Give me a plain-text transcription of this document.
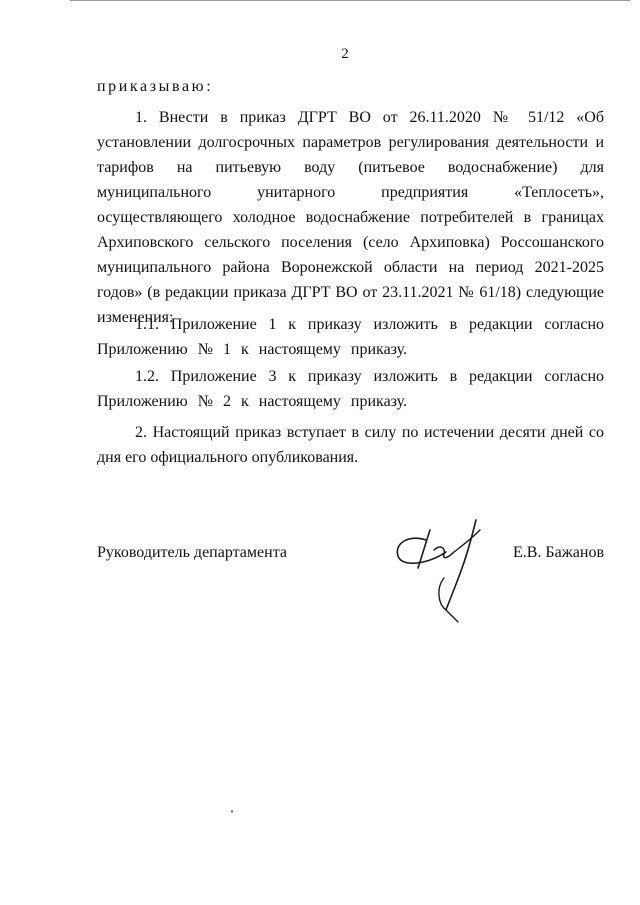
2
приказываю:

1. Внести в приказ ДГРТ ВО от 26.11.2020 № 51/12 «Об установлении долгосрочных параметров регулирования деятельности и тарифов на питьевую воду (питьевое водоснабжение) для муниципального унитарного предприятия «Теплосеть», осуществляющего холодное водоснабжение потребителей в границах Архиповского сельского поселения (село Архиповка) Россошанского муниципального района Воронежской области на период 2021-2025 годов» (в редакции приказа ДГРТ ВО от 23.11.2021 № 61/18) следующие изменения:

1.1. Приложение 1 к приказу изложить в редакции согласно Приложению № 1 к настоящему приказу.

1.2. Приложение 3 к приказу изложить в редакции согласно Приложению № 2 к настоящему приказу.

2. Настоящий приказ вступает в силу по истечении десяти дней со дня его официального опубликования.

Руководитель департамента	Е.В. Бажанов
